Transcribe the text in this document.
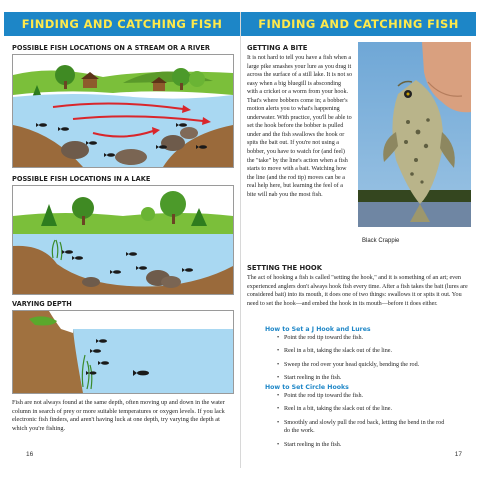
FINDING AND CATCHING FISH
POSSIBLE FISH LOCATIONS ON A STREAM OR A RIVER
POSSIBLE FISH LOCATIONS IN A LAKE
VARYING DEPTH
Fish are not always found at the same depth, often moving up and down in the water column in search of prey or more suitable temperatures or oxygen levels. If you lack electronic fish finders, and aren't having luck at one depth, try varying the depth at which you're fishing.
16
FINDING AND CATCHING FISH
GETTING A BITE
It is not hard to tell you have a fish when a large pike smashes your lure as you drag it across the surface of a still lake. It is not so easy when a big bluegill is absconding with a cricket or a worm from your hook. That's where bobbers come in; a bobber's motion alerts you to what's happening underwater. With practice, you'll be able to set the hook before the bobber is pulled under and the fish swallows the hook or spits the bait out. If you're not using a bobber, you have to watch for (and feel) the "take" by the line's action when a fish starts to move with a bait. Watching how the line (and the rod tip) moves can be a real help here, but learning the feel of a bite will nab you the most fish.
Black Crappie
SETTING THE HOOK
The act of hooking a fish is called "setting the hook," and it is something of an art; even experienced anglers don't always hook fish every time. After a fish takes the bait (lures are considered bait) into its mouth, it does one of two things: swallows it or spits it out. You need to set the hook—and embed the hook in its mouth—before it does either.
How to Set a J Hook and Lures
• Point the rod tip toward the fish.
• Reel in a bit, taking the slack out of the line.
• Sweep the rod over your head quickly, bending the rod.
• Start reeling in the fish.
How to Set Circle Hooks
• Point the rod tip toward the fish.
• Reel in a bit, taking the slack out of the line.
• Smoothly and slowly pull the rod back, letting the bend in the rod do the work.
• Start reeling in the fish.
17
